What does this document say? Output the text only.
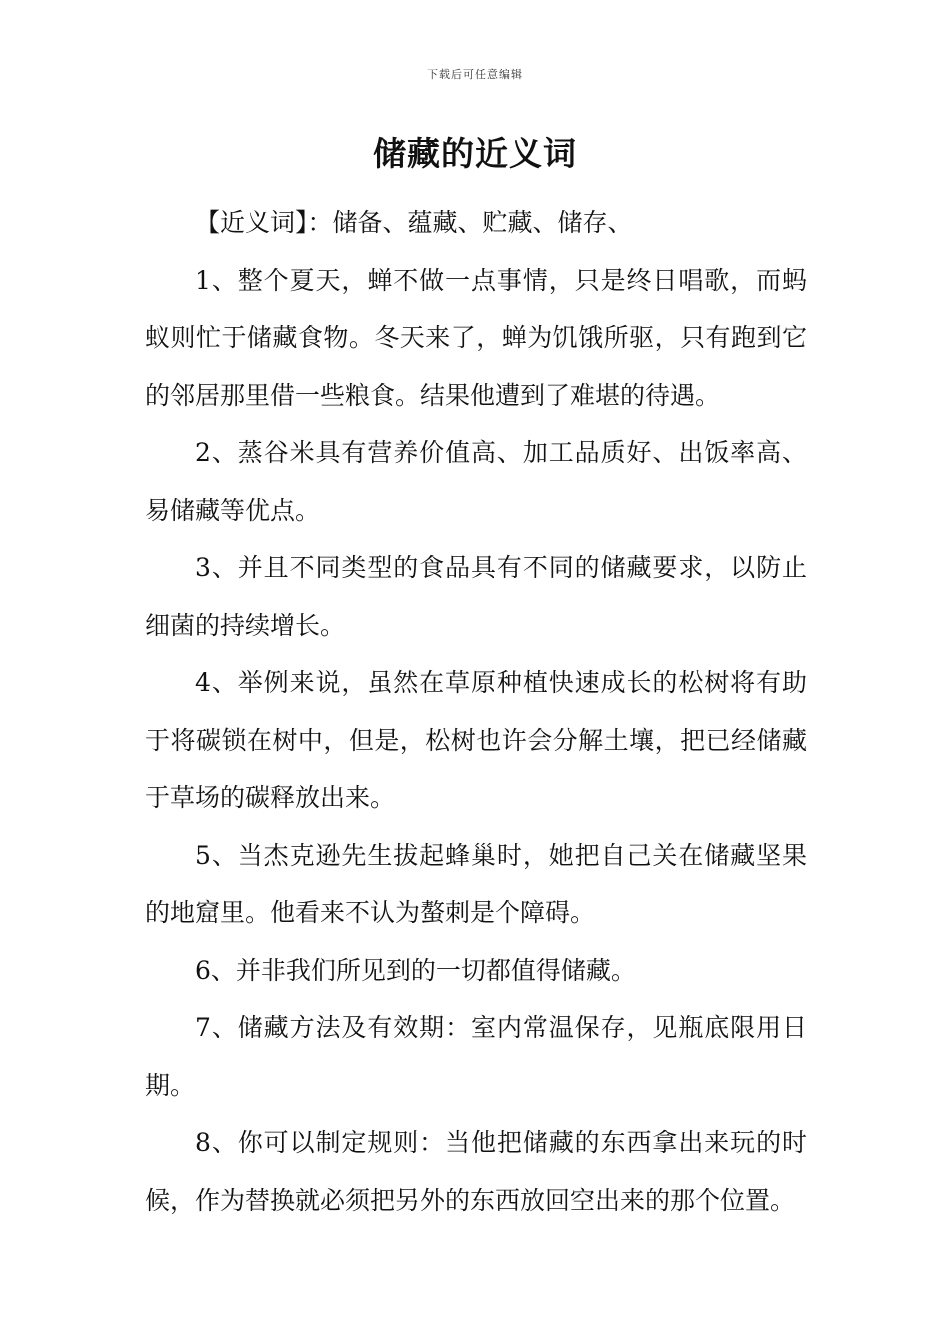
下载后可任意编辑
储藏的近义词

【近义词】：储备、蕴藏、贮藏、储存、

1、整个夏天，蝉不做一点事情，只是终日唱歌，而蚂蚁则忙于储藏食物。冬天来了，蝉为饥饿所驱，只有跑到它的邻居那里借一些粮食。结果他遭到了难堪的待遇。

2、蒸谷米具有营养价值高、加工品质好、出饭率高、易储藏等优点。

3、并且不同类型的食品具有不同的储藏要求，以防止细菌的持续增长。

4、举例来说，虽然在草原种植快速成长的松树将有助于将碳锁在树中，但是，松树也许会分解土壤，把已经储藏于草场的碳释放出来。

5、当杰克逊先生拔起蜂巢时，她把自己关在储藏坚果的地窟里。他看来不认为螯刺是个障碍。

6、并非我们所见到的一切都值得储藏。

7、储藏方法及有效期：室内常温保存，见瓶底限用日期。

8、你可以制定规则：当他把储藏的东西拿出来玩的时候，作为替换就必须把另外的东西放回空出来的那个位置。
